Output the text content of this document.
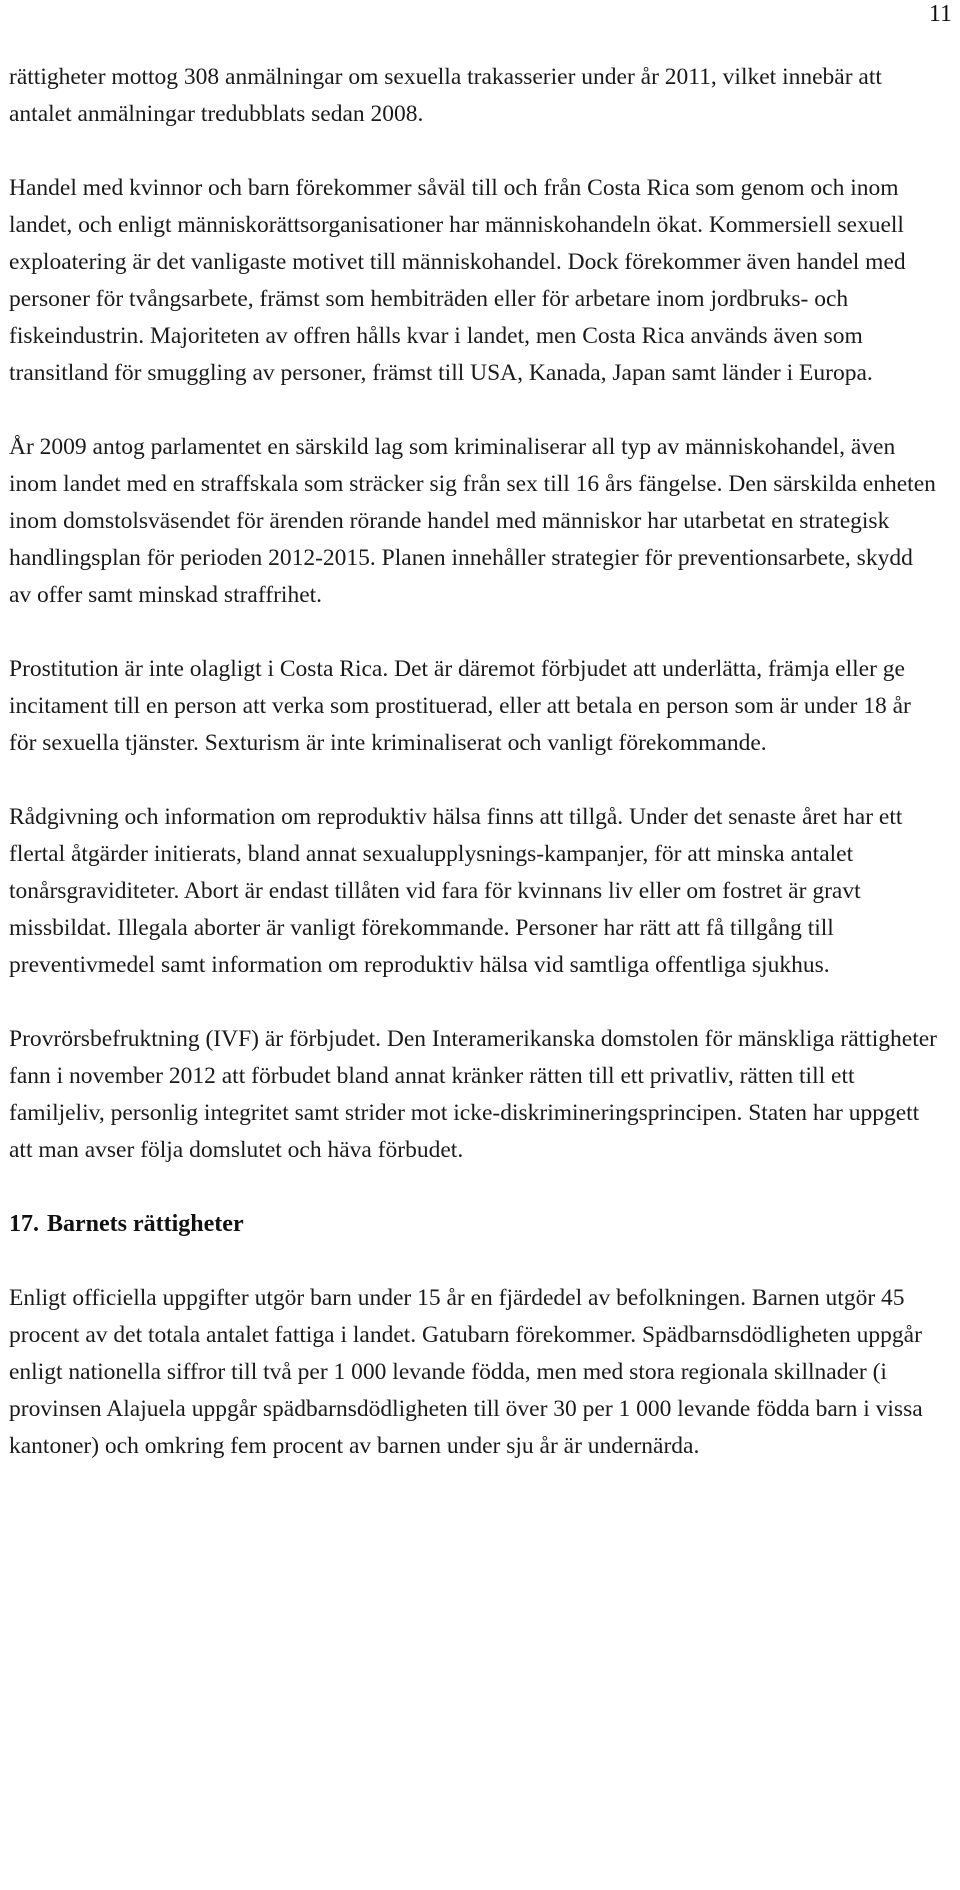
11

rättigheter mottog 308 anmälningar om sexuella trakasserier under år 2011, vilket innebär att antalet anmälningar tredubblats sedan 2008.

Handel med kvinnor och barn förekommer såväl till och från Costa Rica som genom och inom landet, och enligt människorättsorganisationer har människohandeln ökat. Kommersiell sexuell exploatering är det vanligaste motivet till människohandel. Dock förekommer även handel med personer för tvångsarbete, främst som hembiträden eller för arbetare inom jordbruks- och fiskeindustrin. Majoriteten av offren hålls kvar i landet, men Costa Rica används även som transitland för smuggling av personer, främst till USA, Kanada, Japan samt länder i Europa.

År 2009 antog parlamentet en särskild lag som kriminaliserar all typ av människohandel, även inom landet med en straffskala som sträcker sig från sex till 16 års fängelse. Den särskilda enheten inom domstolsväsendet för ärenden rörande handel med människor har utarbetat en strategisk handlingsplan för perioden 2012-2015. Planen innehåller strategier för preventionsarbete, skydd av offer samt minskad straffrihet.

Prostitution är inte olagligt i Costa Rica. Det är däremot förbjudet att underlätta, främja eller ge incitament till en person att verka som prostituerad, eller att betala en person som är under 18 år för sexuella tjänster. Sexturism är inte kriminaliserat och vanligt förekommande.

Rådgivning och information om reproduktiv hälsa finns att tillgå. Under det senaste året har ett flertal åtgärder initierats, bland annat sexualupplysnings-kampanjer, för att minska antalet tonårsgraviditeter. Abort är endast tillåten vid fara för kvinnans liv eller om fostret är gravt missbildat. Illegala aborter är vanligt förekommande. Personer har rätt att få tillgång till preventivmedel samt information om reproduktiv hälsa vid samtliga offentliga sjukhus.

Provrörsbefruktning (IVF) är förbjudet. Den Interamerikanska domstolen för mänskliga rättigheter fann i november 2012 att förbudet bland annat kränker rätten till ett privatliv, rätten till ett familjeliv, personlig integritet samt strider mot icke-diskrimineringsprincipen. Staten har uppgett att man avser följa domslutet och häva förbudet.

17. Barnets rättigheter

Enligt officiella uppgifter utgör barn under 15 år en fjärdedel av befolkningen. Barnen utgör 45 procent av det totala antalet fattiga i landet. Gatubarn förekommer. Spädbarnsdödligheten uppgår enligt nationella siffror till två per 1 000 levande födda, men med stora regionala skillnader (i provinsen Alajuela uppgår spädbarnsdödligheten till över 30 per 1 000 levande födda barn i vissa kantoner) och omkring fem procent av barnen under sju år är undernärda.
